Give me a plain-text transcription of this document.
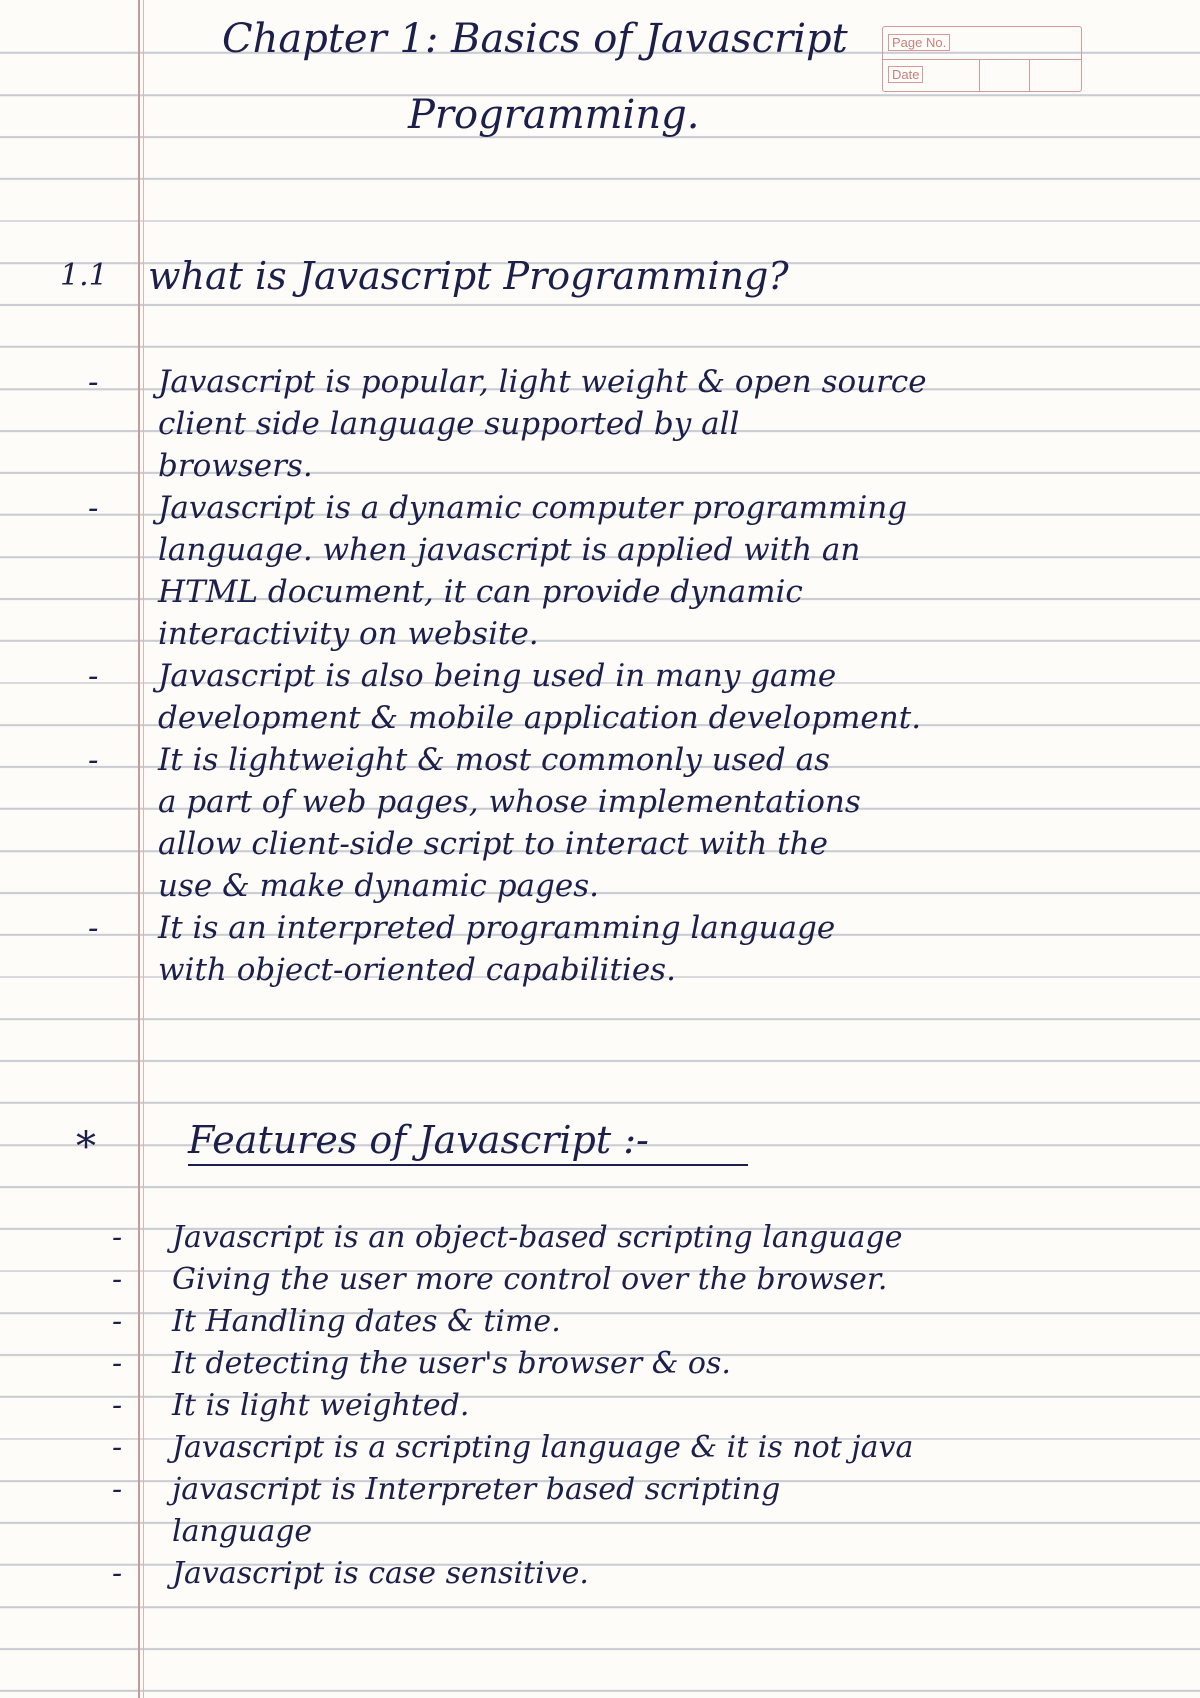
Page No.
Date
Chapter 1: Basics of Javascript
Programming.
1.1 what is Javascript Programming?
- Javascript is popular, light weight & open source
client side language supported by all
browsers.
- Javascript is a dynamic computer programming
language. when javascript is applied with an
HTML document, it can provide dynamic
interactivity on website.
- Javascript is also being used in many game
development & mobile application development.
- It is lightweight & most commonly used as
a part of web pages, whose implementations
allow client-side script to interact with the
use & make dynamic pages.
- It is an interpreted programming language
with object-oriented capabilities.
* Features of Javascript :-
- Javascript is an object-based scripting language
- Giving the user more control over the browser.
- It Handling dates & time.
- It detecting the user's browser & os.
- It is light weighted.
- Javascript is a scripting language & it is not java
- javascript is Interpreter based scripting
language
- Javascript is case sensitive.
